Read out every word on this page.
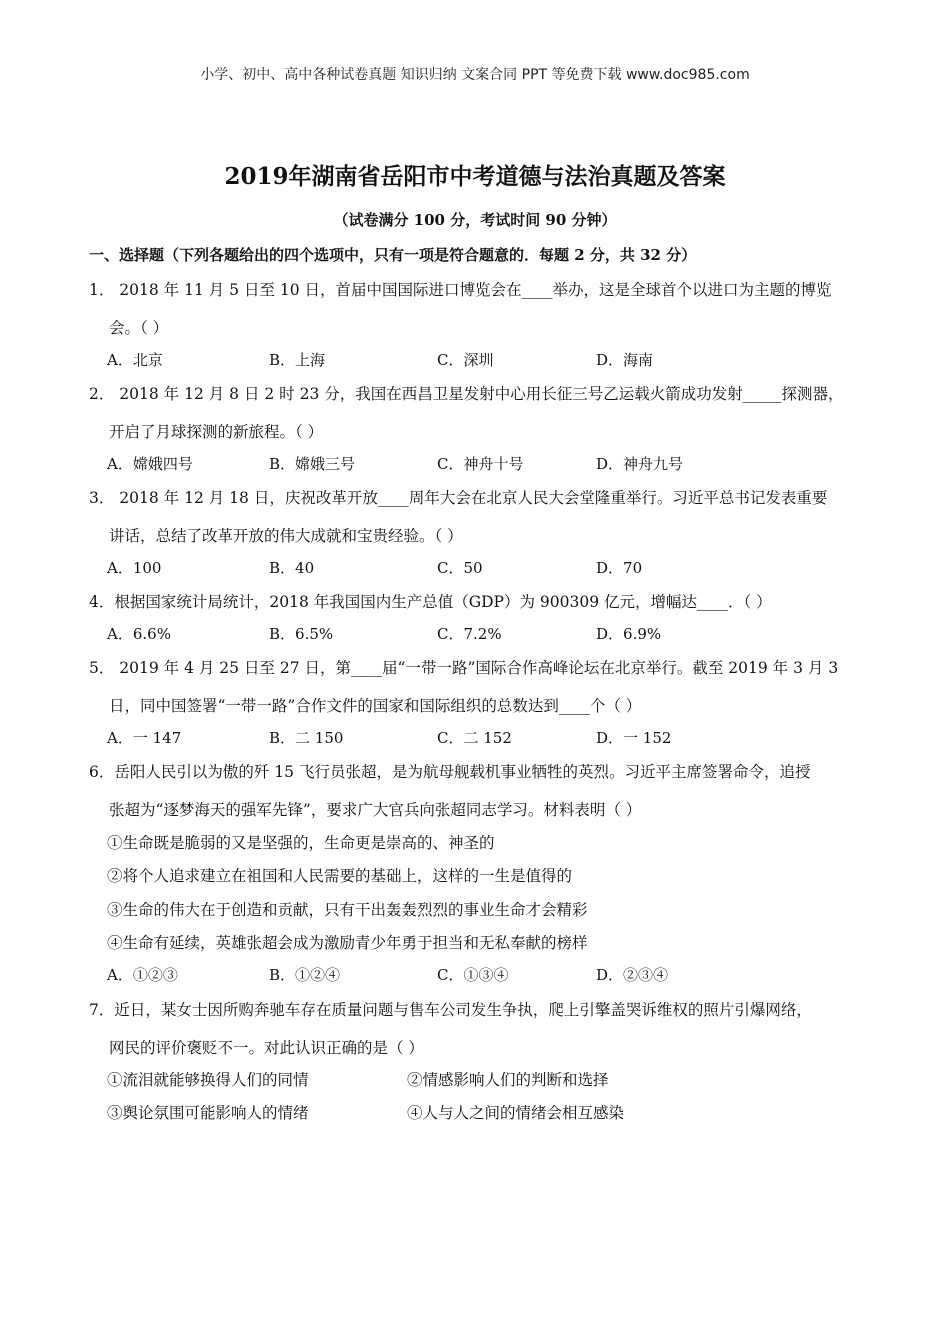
小学、初中、高中各种试卷真题 知识归纳 文案合同 PPT 等免费下载 www.doc985.com
2019年湖南省岳阳市中考道德与法治真题及答案
（试卷满分 100 分，考试时间 90 分钟）
一、选择题（下列各题给出的四个选项中，只有一项是符合题意的．每题 2 分，共 32 分）
1． 2018 年 11 月 5 日至 10 日，首届中国国际进口博览会在____举办，这是全球首个以进口为主题的博览
会。（ ）
A．北京	B．上海	C．深圳	D．海南
2． 2018 年 12 月 8 日 2 时 23 分，我国在西昌卫星发射中心用长征三号乙运载火箭成功发射_____探测器，
开启了月球探测的新旅程。（ ）
A．嫦娥四号	B．嫦娥三号	C．神舟十号	D．神舟九号
3． 2018 年 12 月 18 日，庆祝改革开放____周年大会在北京人民大会堂隆重举行。习近平总书记发表重要
讲话，总结了改革开放的伟大成就和宝贵经验。（ ）
A．100	B．40	C．50	D．70
4．根据国家统计局统计，2018 年我国国内生产总值（GDP）为 900309 亿元，增幅达____．（ ）
A．6.6%	B．6.5%	C．7.2%	D．6.9%
5． 2019 年 4 月 25 日至 27 日，第____届“一带一路”国际合作高峰论坛在北京举行。截至 2019 年 3 月 3
日，同中国签署“一带一路”合作文件的国家和国际组织的总数达到____个（ ）
A．一 147	B．二 150	C．二 152	D．一 152
6．岳阳人民引以为傲的歼 15 飞行员张超，是为航母舰载机事业牺牲的英烈。习近平主席签署命令，追授
张超为“逐梦海天的强军先锋”，要求广大官兵向张超同志学习。材料表明（ ）
①生命既是脆弱的又是坚强的，生命更是崇高的、神圣的
②将个人追求建立在祖国和人民需要的基础上，这样的一生是值得的
③生命的伟大在于创造和贡献，只有干出轰轰烈烈的事业生命才会精彩
④生命有延续，英雄张超会成为激励青少年勇于担当和无私奉献的榜样
A．①②③	B．①②④	C．①③④	D．②③④
7．近日，某女士因所购奔驰车存在质量问题与售车公司发生争执，爬上引擎盖哭诉维权的照片引爆网络，
网民的评价褒贬不一。对此认识正确的是（ ）
①流泪就能够换得人们的同情	②情感影响人们的判断和选择
③舆论氛围可能影响人的情绪	④人与人之间的情绪会相互感染
